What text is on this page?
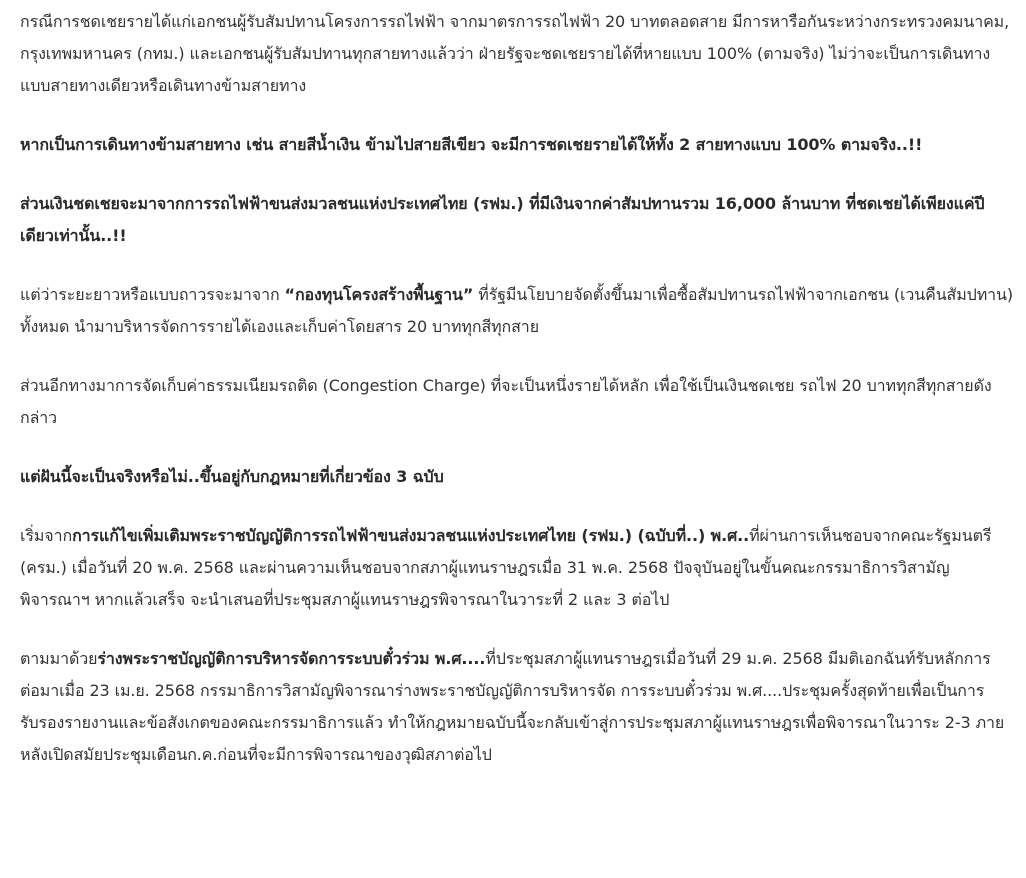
กรณีการชดเชยรายได้แก่เอกชนผู้รับสัมปทานโครงการรถไฟฟ้า จากมาตรการรถไฟฟ้า 20 บาทตลอดสาย มีการหารือกันระหว่างกระทรวงคมนาคม, กรุงเทพมหานคร (กทม.) และเอกชนผู้รับสัมปทานทุกสายทางแล้วว่า ฝ่ายรัฐจะชดเชยรายได้ที่หายแบบ 100% (ตามจริง) ไม่ว่าจะเป็นการเดินทางแบบสายทางเดียวหรือเดินทางข้ามสายทาง

หากเป็นการเดินทางข้ามสายทาง เช่น สายสีน้ำเงิน ข้ามไปสายสีเขียว จะมีการชดเชยรายได้ให้ทั้ง 2 สายทางแบบ 100% ตามจริง..!!

ส่วนเงินชดเชยจะมาจากการรถไฟฟ้าขนส่งมวลชนแห่งประเทศไทย (รฟม.) ที่มีเงินจากค่าสัมปทานรวม 16,000 ล้านบาท ที่ชดเชยได้เพียงแค่ปีเดียวเท่านั้น..!!

แต่ว่าระยะยาวหรือแบบถาวรจะมาจาก “กองทุนโครงสร้างพื้นฐาน” ที่รัฐมีนโยบายจัดตั้งขึ้นมาเพื่อซื้อสัมปทานรถไฟฟ้าจากเอกชน (เวนคืนสัมปทาน) ทั้งหมด นำมาบริหารจัดการรายได้เองและเก็บค่าโดยสาร 20 บาททุกสีทุกสาย

ส่วนอีกทางมาการจัดเก็บค่าธรรมเนียมรถติด (Congestion Charge) ที่จะเป็นหนึ่งรายได้หลัก เพื่อใช้เป็นเงินชดเชย รถไฟ 20 บาททุกสีทุกสายดังกล่าว

แต่ฝันนี้จะเป็นจริงหรือไม่..ขึ้นอยู่กับกฎหมายที่เกี่ยวข้อง 3 ฉบับ

เริ่มจากการแก้ไขเพิ่มเติมพระราชบัญญัติการรถไฟฟ้าขนส่งมวลชนแห่งประเทศไทย (รฟม.) (ฉบับที่..) พ.ศ..ที่ผ่านการเห็นชอบจากคณะรัฐมนตรี (ครม.) เมื่อวันที่ 20 พ.ค. 2568 และผ่านความเห็นชอบจากสภาผู้แทนราษฎรเมื่อ 31 พ.ค. 2568 ปัจจุบันอยู่ในขั้นคณะกรรมาธิการวิสามัญพิจารณาฯ หากแล้วเสร็จ จะนำเสนอที่ประชุมสภาผู้แทนราษฎรพิจารณาในวาระที่ 2 และ 3 ต่อไป

ตามมาด้วยร่างพระราชบัญญัติการบริหารจัดการระบบตั๋วร่วม พ.ศ....ที่ประชุมสภาผู้แทนราษฎรเมื่อวันที่ 29 ม.ค. 2568 มีมติเอกฉันท์รับหลักการ ต่อมาเมื่อ 23 เม.ย. 2568 กรรมาธิการวิสามัญพิจารณาร่างพระราชบัญญัติการบริหารจัด การระบบตั๋วร่วม พ.ศ....ประชุมครั้งสุดท้ายเพื่อเป็นการรับรองรายงานและข้อสังเกตของคณะกรรมาธิการแล้ว ทำให้กฎหมายฉบับนี้จะกลับเข้าสู่การประชุมสภาผู้แทนราษฎรเพื่อพิจารณาในวาระ 2-3 ภายหลังเปิดสมัยประชุมเดือนก.ค.ก่อนที่จะมีการพิจารณาของวุฒิสภาต่อไป
